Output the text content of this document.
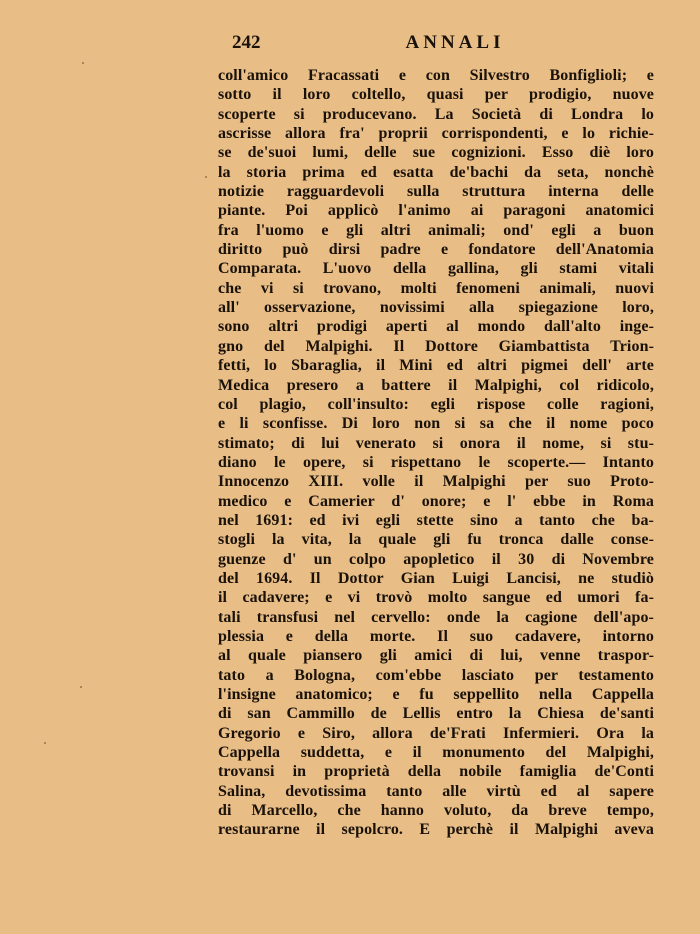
242	ANNALI
coll'amico Fracassati e con Silvestro Bonfiglioli; e
sotto il loro coltello, quasi per prodigio, nuove
scoperte si producevano. La Società di Londra lo
ascrisse allora fra' proprii corrispondenti, e lo richie-
se de'suoi lumi, delle sue cognizioni. Esso diè loro
la storia prima ed esatta de'bachi da seta, nonchè
notizie ragguardevoli sulla struttura interna delle
piante. Poi applicò l'animo ai paragoni anatomici
fra l'uomo e gli altri animali; ond' egli a buon
diritto può dirsi padre e fondatore dell'Anatomia
Comparata. L'uovo della gallina, gli stami vitali
che vi si trovano, molti fenomeni animali, nuovi
all' osservazione, novissimi alla spiegazione loro,
sono altri prodigi aperti al mondo dall'alto inge-
gno del Malpighi. Il Dottore Giambattista Trion-
fetti, lo Sbaraglia, il Mini ed altri pigmei dell' arte
Medica presero a battere il Malpighi, col ridicolo,
col plagio, coll'insulto: egli rispose colle ragioni,
e li sconfisse. Di loro non si sa che il nome poco
stimato; di lui venerato si onora il nome, si stu-
diano le opere, si rispettano le scoperte.— Intanto
Innocenzo XIII. volle il Malpighi per suo Proto-
medico e Camerier d' onore; e l' ebbe in Roma
nel 1691: ed ivi egli stette sino a tanto che ba-
stogli la vita, la quale gli fu tronca dalle conse-
guenze d' un colpo apopletico il 30 di Novembre
del 1694. Il Dottor Gian Luigi Lancisi, ne studiò
il cadavere; e vi trovò molto sangue ed umori fa-
tali transfusi nel cervello: onde la cagione dell'apo-
plessia e della morte. Il suo cadavere, intorno
al quale piansero gli amici di lui, venne traspor-
tato a Bologna, com'ebbe lasciato per testamento
l'insigne anatomico; e fu seppellito nella Cappella
di san Cammillo de Lellis entro la Chiesa de'santi
Gregorio e Siro, allora de'Frati Infermieri. Ora la
Cappella suddetta, e il monumento del Malpighi,
trovansi in proprietà della nobile famiglia de'Conti
Salina, devotissima tanto alle virtù ed al sapere
di Marcello, che hanno voluto, da breve tempo,
restaurarne il sepolcro. E perchè il Malpighi aveva
